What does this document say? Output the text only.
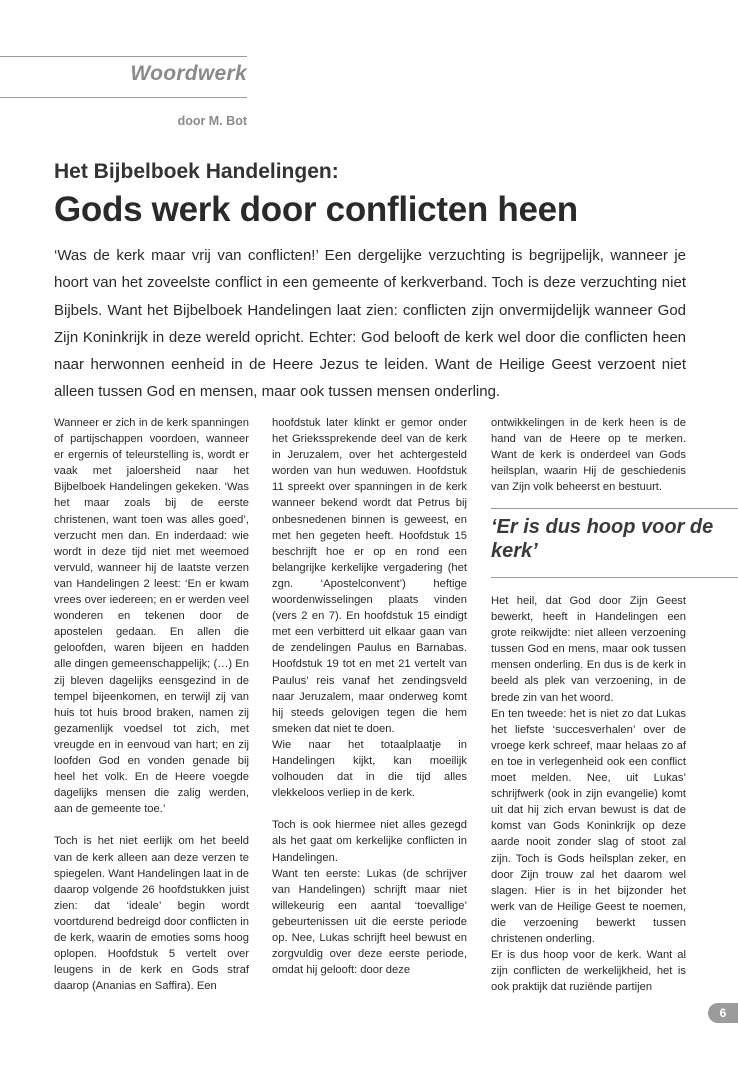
Woordwerk
door M. Bot
Het Bijbelboek Handelingen:
Gods werk door conflicten heen

‘Was de kerk maar vrij van conflicten!’ Een dergelijke verzuchting is begrijpelijk, wanneer je hoort van het zoveelste conflict in een gemeente of kerkverband. Toch is deze verzuchting niet Bijbels. Want het Bijbelboek Handelingen laat zien: conflicten zijn onvermijdelijk wanneer God Zijn Koninkrijk in deze wereld opricht. Echter: God belooft de kerk wel door die conflicten heen naar herwonnen eenheid in de Heere Jezus te leiden. Want de Heilige Geest verzoent niet alleen tussen God en mensen, maar ook tussen mensen onderling.

Wanneer er zich in de kerk spanningen of partijschappen voordoen, wanneer er ergernis of teleurstelling is, wordt er vaak met jaloersheid naar het Bijbelboek Handelingen gekeken. ‘Was het maar zoals bij de eerste christenen, want toen was alles goed’, verzucht men dan. En inderdaad: wie wordt in deze tijd niet met weemoed vervuld, wanneer hij de laatste verzen van Handelingen 2 leest: ‘En er kwam vrees over iedereen; en er werden veel wonderen en tekenen door de apostelen gedaan. En allen die geloofden, waren bijeen en hadden alle dingen gemeenschappelijk; (…) En zij bleven dagelijks eensgezind in de tempel bijeenkomen, en terwijl zij van huis tot huis brood braken, namen zij gezamenlijk voedsel tot zich, met vreugde en in eenvoud van hart; en zij loofden God en vonden genade bij heel het volk. En de Heere voegde dagelijks mensen die zalig werden, aan de gemeente toe.’

Toch is het niet eerlijk om het beeld van de kerk alleen aan deze verzen te spiegelen. Want Handelingen laat in de daarop volgende 26 hoofdstukken juist zien: dat ‘ideale’ begin wordt voortdurend bedreigd door conflicten in de kerk, waarin de emoties soms hoog oplopen. Hoofdstuk 5 vertelt over leugens in de kerk en Gods straf daarop (Ananias en Saffira). Een

hoofdstuk later klinkt er gemor onder het Griekssprekende deel van de kerk in Jeruzalem, over het achtergesteld worden van hun weduwen. Hoofdstuk 11 spreekt over spanningen in de kerk wanneer bekend wordt dat Petrus bij onbesnedenen binnen is geweest, en met hen gegeten heeft. Hoofdstuk 15 beschrijft hoe er op en rond een belangrijke kerkelijke vergadering (het zgn. ‘Apostelconvent’) heftige woordenwisselingen plaats vinden (vers 2 en 7). En hoofdstuk 15 eindigt met een verbitterd uit elkaar gaan van de zendelingen Paulus en Barnabas. Hoofdstuk 19 tot en met 21 vertelt van Paulus’ reis vanaf het zendingsveld naar Jeruzalem, maar onderweg komt hij steeds gelovigen tegen die hem smeken dat niet te doen.

Wie naar het totaalplaatje in Handelingen kijkt, kan moeilijk volhouden dat in die tijd alles vlekkeloos verliep in de kerk.

Toch is ook hiermee niet alles gezegd als het gaat om kerkelijke conflicten in Handelingen.

Want ten eerste: Lukas (de schrijver van Handelingen) schrijft maar niet willekeurig een aantal ‘toevallige’ gebeurtenissen uit die eerste periode op. Nee, Lukas schrijft heel bewust en zorgvuldig over deze eerste periode, omdat hij gelooft: door deze

ontwikkelingen in de kerk heen is de hand van de Heere op te merken. Want de kerk is onderdeel van Gods heilsplan, waarin Hij de geschiedenis van Zijn volk beheerst en bestuurt.

‘Er is dus hoop voor de kerk’

Het heil, dat God door Zijn Geest bewerkt, heeft in Handelingen een grote reikwijdte: niet alleen verzoening tussen God en mens, maar ook tussen mensen onderling. En dus is de kerk in beeld als plek van verzoening, in de brede zin van het woord.

En ten tweede: het is niet zo dat Lukas het liefste ‘succesverhalen’ over de vroege kerk schreef, maar helaas zo af en toe in verlegenheid ook een conflict moet melden. Nee, uit Lukas’ schrijfwerk (ook in zijn evangelie) komt uit dat hij zich ervan bewust is dat de komst van Gods Koninkrijk op deze aarde nooit zonder slag of stoot zal zijn. Toch is Gods heilsplan zeker, en door Zijn trouw zal het daarom wel slagen. Hier is in het bijzonder het werk van de Heilige Geest te noemen, die verzoening bewerkt tussen christenen onderling.

Er is dus hoop voor de kerk. Want al zijn conflicten de werkelijkheid, het is ook praktijk dat ruziënde partijen

6
